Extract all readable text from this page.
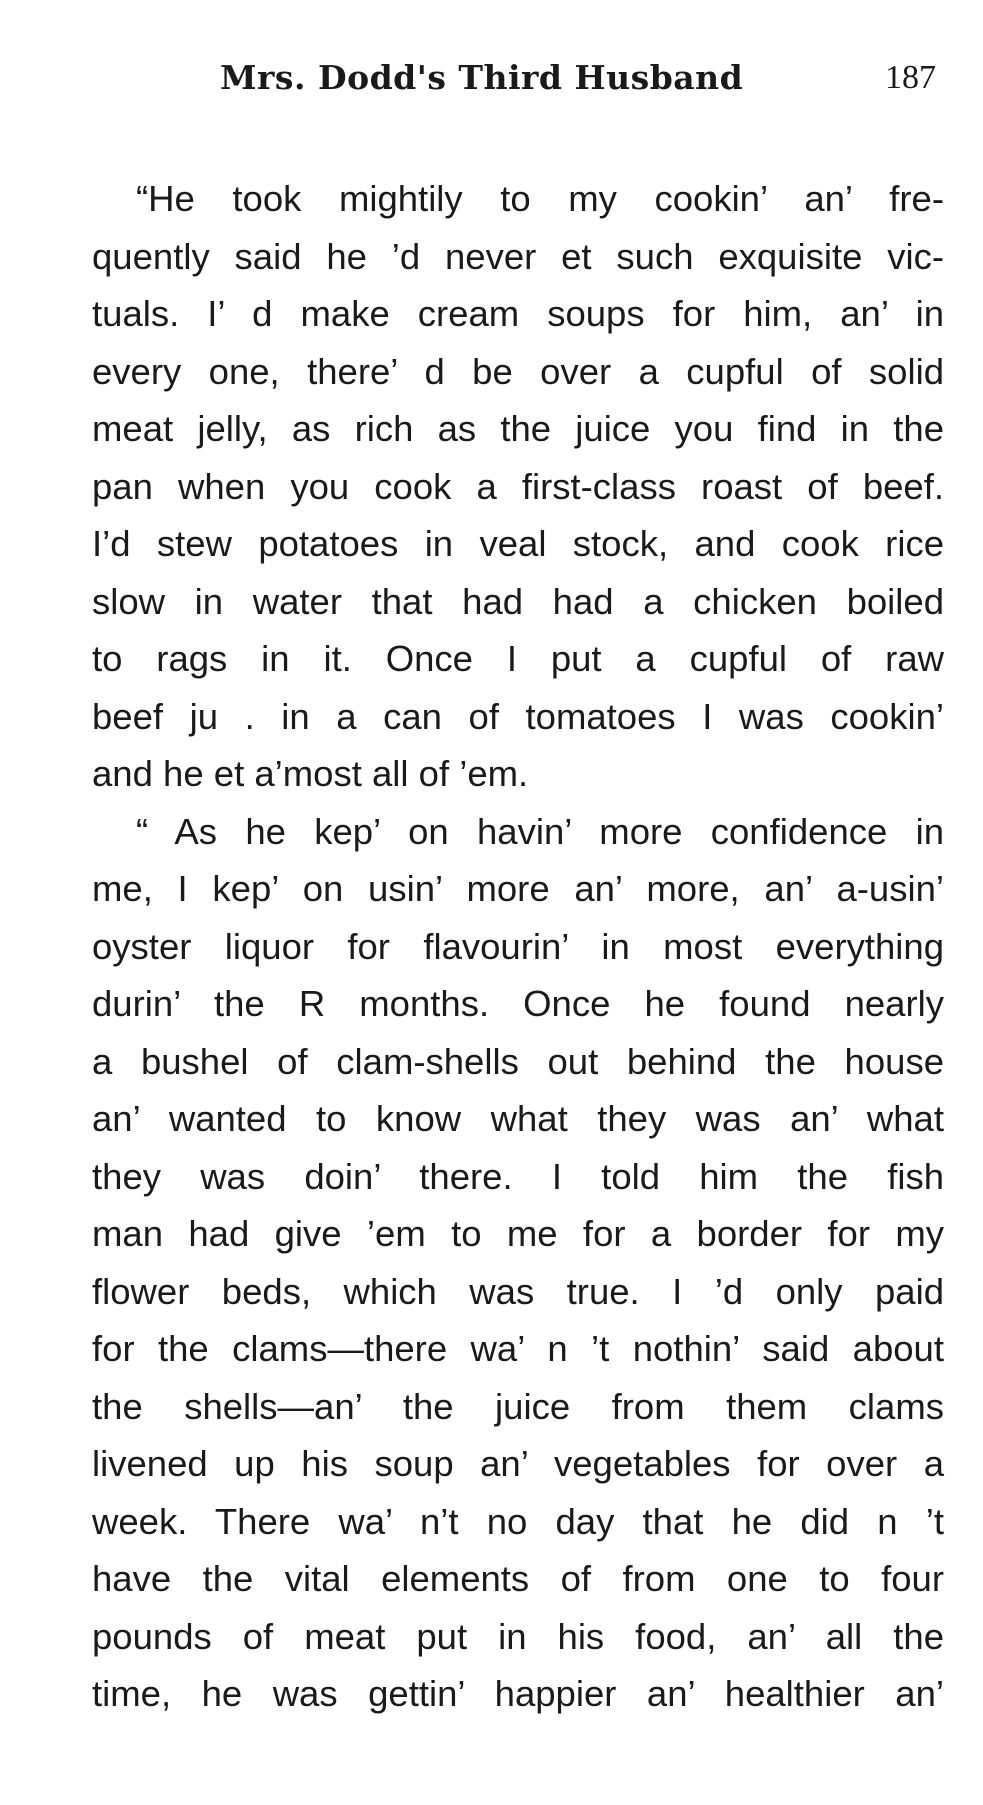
Mrs. Dodd's Third Husband	187
“He took mightily to my cookin’ an’ fre-
quently said he ’d never et such exquisite vic-
tuals. I’ d make cream soups for him, an’ in
every one, there’ d be over a cupful of solid
meat jelly, as rich as the juice you find in the
pan when you cook a first-class roast of beef.
I’d stew potatoes in veal stock, and cook rice
slow in water that had had a chicken boiled
to rags in it. Once I put a cupful of raw
beef ju . in a can of tomatoes I was cookin’
and he et a’most all of ’em.
“ As he kep’ on havin’ more confidence in
me, I kep’ on usin’ more an’ more, an’ a-usin’
oyster liquor for flavourin’ in most everything
durin’ the R months. Once he found nearly
a bushel of clam-shells out behind the house
an’ wanted to know what they was an’ what
they was doin’ there. I told him the fish
man had give ’em to me for a border for my
flower beds, which was true. I ’d only paid
for the clams—there wa’ n ’t nothin’ said about
the shells—an’ the juice from them clams
livened up his soup an’ vegetables for over a
week. There wa’ n’t no day that he did n ’t
have the vital elements of from one to four
pounds of meat put in his food, an’ all the
time, he was gettin’ happier an’ healthier an’
